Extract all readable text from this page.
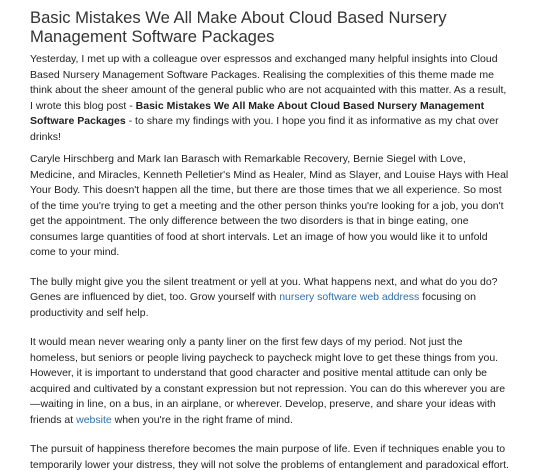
Basic Mistakes We All Make About Cloud Based Nursery Management Software Packages

Yesterday, I met up with a colleague over espressos and exchanged many helpful insights into Cloud Based Nursery Management Software Packages. Realising the complexities of this theme made me think about the sheer amount of the general public who are not acquainted with this matter. As a result, I wrote this blog post - Basic Mistakes We All Make About Cloud Based Nursery Management Software Packages - to share my findings with you. I hope you find it as informative as my chat over drinks!

Caryle Hirschberg and Mark Ian Barasch with Remarkable Recovery, Bernie Siegel with Love, Medicine, and Miracles, Kenneth Pelletier's Mind as Healer, Mind as Slayer, and Louise Hays with Heal Your Body. This doesn't happen all the time, but there are those times that we all experience. So most of the time you're trying to get a meeting and the other person thinks you're looking for a job, you don't get the appointment. The only difference between the two disorders is that in binge eating, one consumes large quantities of food at short intervals. Let an image of how you would like it to unfold come to your mind.

The bully might give you the silent treatment or yell at you. What happens next, and what do you do? Genes are influenced by diet, too. Grow yourself with nursery software web address focusing on productivity and self help.

It would mean never wearing only a panty liner on the first few days of my period. Not just the homeless, but seniors or people living paycheck to paycheck might love to get these things from you. However, it is important to understand that good character and positive mental attitude can only be acquired and cultivated by a constant expression but not repression. You can do this wherever you are—waiting in line, on a bus, in an airplane, or wherever. Develop, preserve, and share your ideas with friends at website when you're in the right frame of mind.

The pursuit of happiness therefore becomes the main purpose of life. Even if techniques enable you to temporarily lower your distress, they will not solve the problems of entanglement and paradoxical effort.
